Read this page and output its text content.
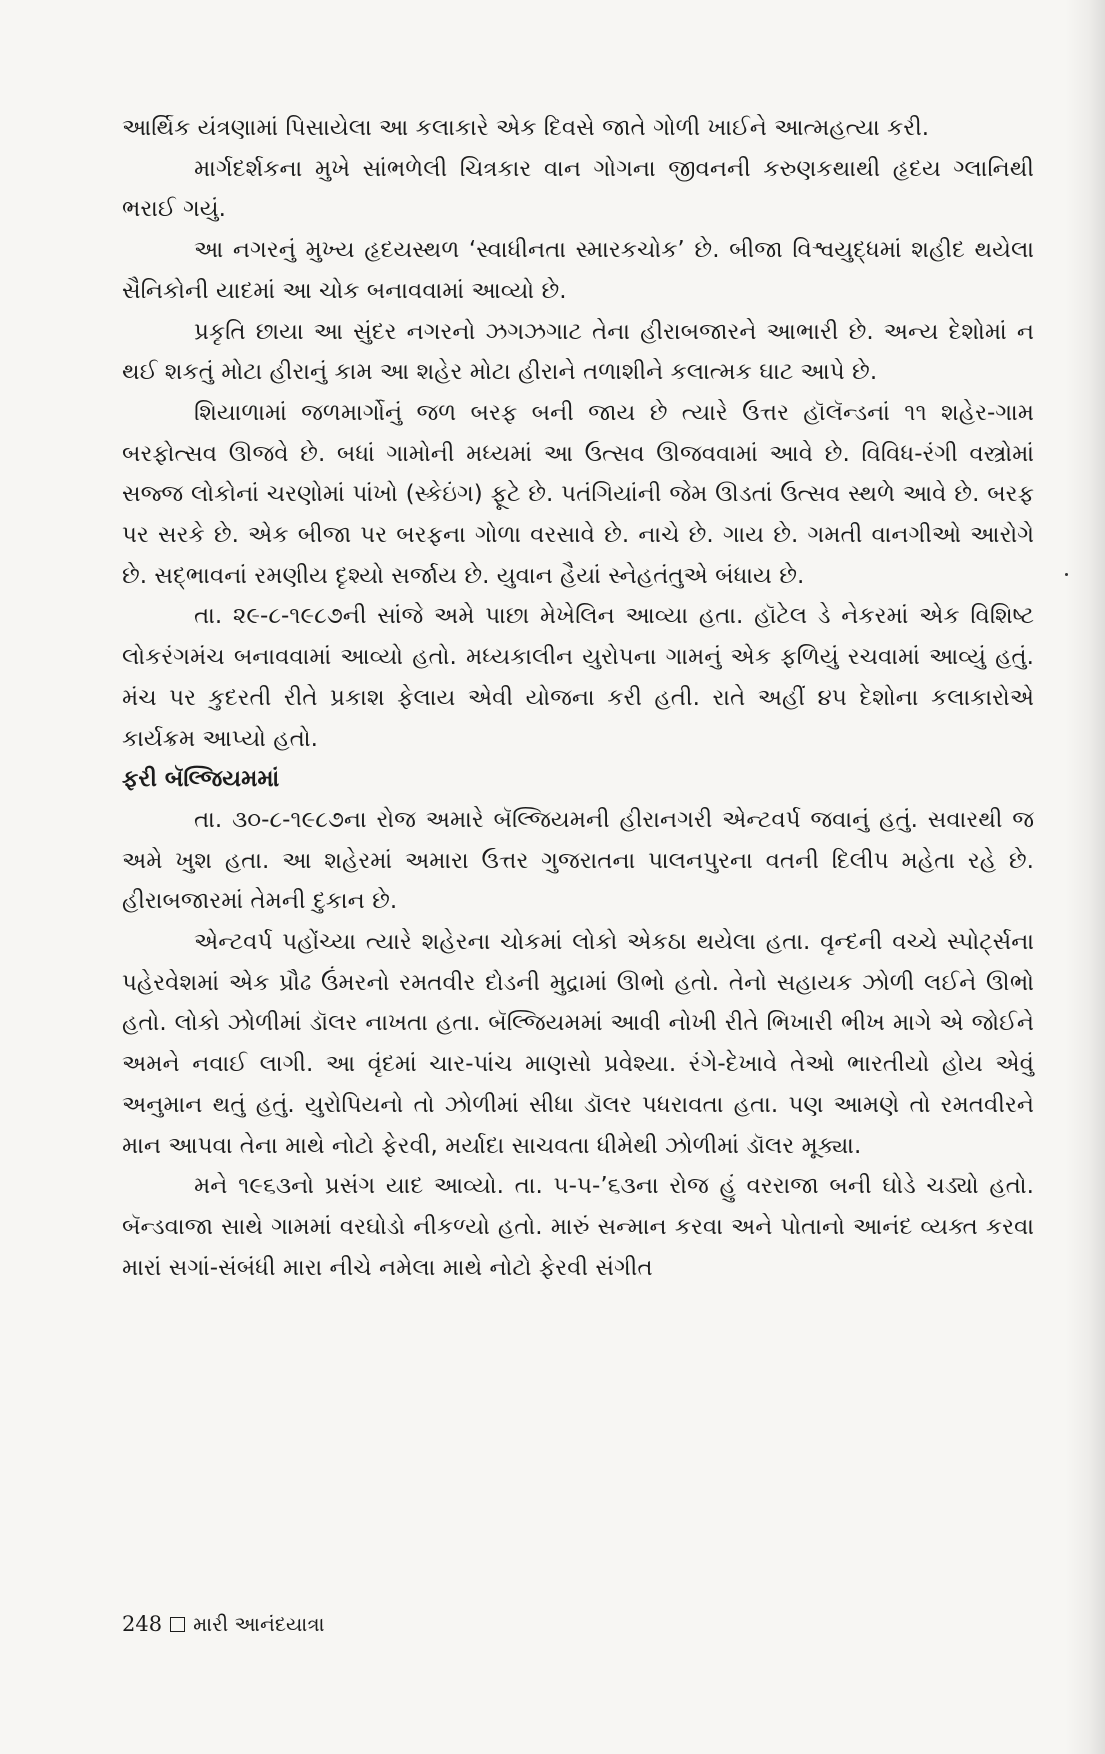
આર્થિક યંત્રણામાં પિસાયેલા આ કલાકારે એક દિવસે જાતે ગોળી ખાઈને આત્મહત્યા કરી.

માર્ગદર્શકના મુખે સાંભળેલી ચિત્રકાર વાન ગોગના જીવનની કરુણકથાથી હૃદય ગ્લાનિથી ભરાઈ ગયું.

આ નગરનું મુખ્ય હૃદયસ્થળ ‘સ્વાધીનતા સ્મારકચોક’ છે. બીજા વિશ્વયુદ્ધમાં શહીદ થયેલા સૈનિકોની યાદમાં આ ચોક બનાવવામાં આવ્યો છે.

પ્રકૃતિ છાયા આ સુંદર નગરનો ઝગઝગાટ તેના હીરાબજારને આભારી છે. અન્ય દેશોમાં ન થઈ શકતું મોટા હીરાનું કામ આ શહેર મોટા હીરાને તળાશીને કલાત્મક ઘાટ આપે છે.

શિયાળામાં જળમાર્ગોનું જળ બરફ બની જાય છે ત્યારે ઉત્તર હૉલૅન્ડનાં ૧૧ શહેર-ગામ બરફોત્સવ ઊજવે છે. બધાં ગામોની મધ્યમાં આ ઉત્સવ ઊજવવામાં આવે છે. વિવિધ-રંગી વસ્ત્રોમાં સજ્જ લોકોનાં ચરણોમાં પાંખો (સ્કેઇંગ) ફૂટે છે. પતંગિયાંની જેમ ઊડતાં ઉત્સવ સ્થળે આવે છે. બરફ પર સરકે છે. એક બીજા પર બરફના ગોળા વરસાવે છે. નાચે છે. ગાય છે. ગમતી વાનગીઓ આરોગે છે. સદ્‌ભાવનાં રમણીય દૃશ્યો સર્જાય છે. યુવાન હૈયાં સ્નેહતંતુએ બંધાય છે.

તા. ૨૯-૮-૧૯૮૭ની સાંજે અમે પાછા મેખેલિન આવ્યા હતા. હૉટેલ ડે નેકરમાં એક વિશિષ્ટ લોકરંગમંચ બનાવવામાં આવ્યો હતો. મધ્યકાલીન યુરોપના ગામનું એક ફળિયું રચવામાં આવ્યું હતું. મંચ પર કુદરતી રીતે પ્રકાશ ફેલાય એવી યોજના કરી હતી. રાતે અહીં ૪૫ દેશોના કલાકારોએ કાર્યક્રમ આપ્યો હતો.

ફરી બૅલ્જિયમમાં

તા. ૩૦-૮-૧૯૮૭ના રોજ અમારે બૅલ્જિયમની હીરાનગરી એન્ટવર્પ જવાનું હતું. સવારથી જ અમે ખુશ હતા. આ શહેરમાં અમારા ઉત્તર ગુજરાતના પાલનપુરના વતની દિલીપ મહેતા રહે છે. હીરાબજારમાં તેમની દુકાન છે.

એન્ટવર્પ પહોંચ્યા ત્યારે શહેરના ચોકમાં લોકો એકઠા થયેલા હતા. વૃન્દની વચ્ચે સ્પોર્ટ્સના પહેરવેશમાં એક પ્રૌઢ ઉંમરનો રમતવીર દોડની મુદ્રામાં ઊભો હતો. તેનો સહાયક ઝોળી લઈને ઊભો હતો. લોકો ઝોળીમાં ડૉલર નાખતા હતા. બૅલ્જિયમમાં આવી નોખી રીતે ભિખારી ભીખ માગે એ જોઈને અમને નવાઈ લાગી. આ વૃંદમાં ચાર-પાંચ માણસો પ્રવેશ્યા. રંગે-દેખાવે તેઓ ભારતીયો હોય એવું અનુમાન થતું હતું. યુરોપિયનો તો ઝોળીમાં સીધા ડૉલર પધરાવતા હતા. પણ આમણે તો રમતવીરને માન આપવા તેના માથે નોટો ફેરવી, મર્યાદા સાચવતા ધીમેથી ઝોળીમાં ડૉલર મૂક્યા.

મને ૧૯૬૩નો પ્રસંગ યાદ આવ્યો. તા. ૫-૫-’૬૩ના રોજ હું વરરાજા બની ઘોડે ચડ્યો હતો. બૅન્ડવાજા સાથે ગામમાં વરઘોડો નીકળ્યો હતો. મારું સન્માન કરવા અને પોતાનો આનંદ વ્યક્ત કરવા મારાં સગાં-સંબંધી મારા નીચે નમેલા માથે નોટો ફેરવી સંગીત

248 મારી આનંદયાત્રા
